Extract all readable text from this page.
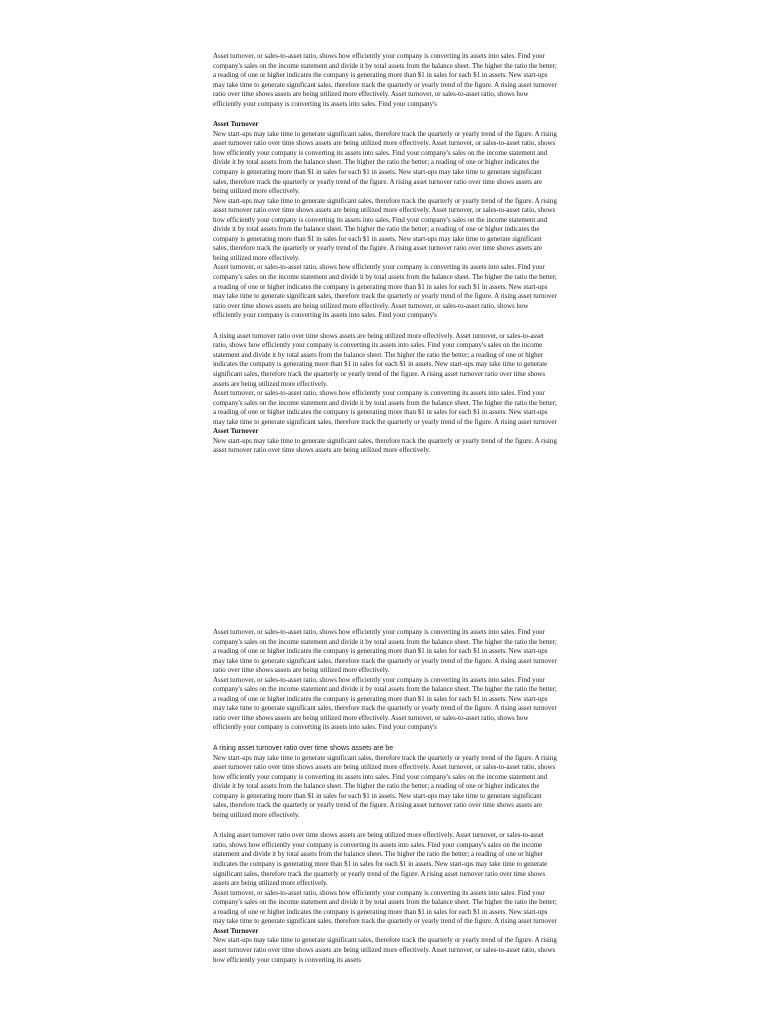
Asset turnover, or sales-to-asset ratio, shows how efficiently your company is converting its assets into sales. Find your company's sales on the income statement and divide it by total assets from the balance sheet. The higher the ratio the better; a reading of one or higher indicates the company is generating more than $1 in sales for each $1 in assets. New start-ups may take time to generate significant sales, therefore track the quarterly or yearly trend of the figure. A rising asset turnover ratio over time shows assets are being utilized more effectively. Asset turnover, or sales-to-asset ratio, shows how efficiently your company is converting its assets into sales. Find your company's

Asset Turnover

New start-ups may take time to generate significant sales, therefore track the quarterly or yearly trend of the figure. A rising asset turnover ratio over time shows assets are being utilized more effectively. Asset turnover, or sales-to-asset ratio, shows how efficiently your company is converting its assets into sales. Find your company's sales on the income statement and divide it by total assets from the balance sheet. The higher the ratio the better; a reading of one or higher indicates the company is generating more than $1 in sales for each $1 in assets. New start-ups may take time to generate significant sales, therefore track the quarterly or yearly trend of the figure. A rising asset turnover ratio over time shows assets are being utilized more effectively.

New start-ups may take time to generate significant sales, therefore track the quarterly or yearly trend of the figure. A rising asset turnover ratio over time shows assets are being utilized more effectively. Asset turnover, or sales-to-asset ratio, shows how efficiently your company is converting its assets into sales. Find your company's sales on the income statement and divide it by total assets from the balance sheet. The higher the ratio the better; a reading of one or higher indicates the company is generating more than $1 in sales for each $1 in assets. New start-ups may take time to generate significant sales, therefore track the quarterly or yearly trend of the figure. A rising asset turnover ratio over time shows assets are being utilized more effectively.

Asset turnover, or sales-to-asset ratio, shows how efficiently your company is converting its assets into sales. Find your company's sales on the income statement and divide it by total assets from the balance sheet. The higher the ratio the better; a reading of one or higher indicates the company is generating more than $1 in sales for each $1 in assets. New start-ups may take time to generate significant sales, therefore track the quarterly or yearly trend of the figure. A rising asset turnover ratio over time shows assets are being utilized more effectively. Asset turnover, or sales-to-asset ratio, shows how efficiently your company is converting its assets into sales. Find your company's

A rising asset turnover ratio over time shows assets are being utilized more effectively. Asset turnover, or sales-to-asset ratio, shows how efficiently your company is converting its assets into sales. Find your company's sales on the income statement and divide it by total assets from the balance sheet. The higher the ratio the better; a reading of one or higher indicates the company is generating more than $1 in sales for each $1 in assets. New start-ups may take time to generate significant sales, therefore track the quarterly or yearly trend of the figure. A rising asset turnover ratio over time shows assets are being utilized more effectively.

Asset turnover, or sales-to-asset ratio, shows how efficiently your company is converting its assets into sales. Find your company's sales on the income statement and divide it by total assets from the balance sheet. The higher the ratio the better; a reading of one or higher indicates the company is generating more than $1 in sales for each $1 in assets. New start-ups may take time to generate significant sales, therefore track the quarterly or yearly trend of the figure. A rising asset turnover

Asset Turnover

New start-ups may take time to generate significant sales, therefore track the quarterly or yearly trend of the figure. A rising asset turnover ratio over time shows assets are being utilized more effectively.

Asset turnover, or sales-to-asset ratio, shows how efficiently your company is converting its assets into sales. Find your company's sales on the income statement and divide it by total assets from the balance sheet. The higher the ratio the better; a reading of one or higher indicates the company is generating more than $1 in sales for each $1 in assets. New start-ups may take time to generate significant sales, therefore track the quarterly or yearly trend of the figure. A rising asset turnover ratio over time shows assets are being utilized more effectively.

Asset turnover, or sales-to-asset ratio, shows how efficiently your company is converting its assets into sales. Find your company's sales on the income statement and divide it by total assets from the balance sheet. The higher the ratio the better; a reading of one or higher indicates the company is generating more than $1 in sales for each $1 in assets. New start-ups may take time to generate significant sales, therefore track the quarterly or yearly trend of the figure. A rising asset turnover ratio over time shows assets are being utilized more effectively. Asset turnover, or sales-to-asset ratio, shows how efficiently your company is converting its assets into sales. Find your company's

A rising asset turnover ratio over time shows assets are be

New start-ups may take time to generate significant sales, therefore track the quarterly or yearly trend of the figure. A rising asset turnover ratio over time shows assets are being utilized more effectively. Asset turnover, or sales-to-asset ratio, shows how efficiently your company is converting its assets into sales. Find your company's sales on the income statement and divide it by total assets from the balance sheet. The higher the ratio the better; a reading of one or higher indicates the company is generating more than $1 in sales for each $1 in assets. New start-ups may take time to generate significant sales, therefore track the quarterly or yearly trend of the figure. A rising asset turnover ratio over time shows assets are being utilized more effectively.

A rising asset turnover ratio over time shows assets are being utilized more effectively. Asset turnover, or sales-to-asset ratio, shows how efficiently your company is converting its assets into sales. Find your company's sales on the income statement and divide it by total assets from the balance sheet. The higher the ratio the better; a reading of one or higher indicates the company is generating more than $1 in sales for each $1 in assets. New start-ups may take time to generate significant sales, therefore track the quarterly or yearly trend of the figure. A rising asset turnover ratio over time shows assets are being utilized more effectively.

Asset turnover, or sales-to-asset ratio, shows how efficiently your company is converting its assets into sales. Find your company's sales on the income statement and divide it by total assets from the balance sheet. The higher the ratio the better; a reading of one or higher indicates the company is generating more than $1 in sales for each $1 in assets. New start-ups may take time to generate significant sales, therefore track the quarterly or yearly trend of the figure. A rising asset turnover

Asset Turnover

New start-ups may take time to generate significant sales, therefore track the quarterly or yearly trend of the figure. A rising asset turnover ratio over time shows assets are being utilized more effectively. Asset turnover, or sales-to-asset ratio, shows how efficiently your company is converting its assets
